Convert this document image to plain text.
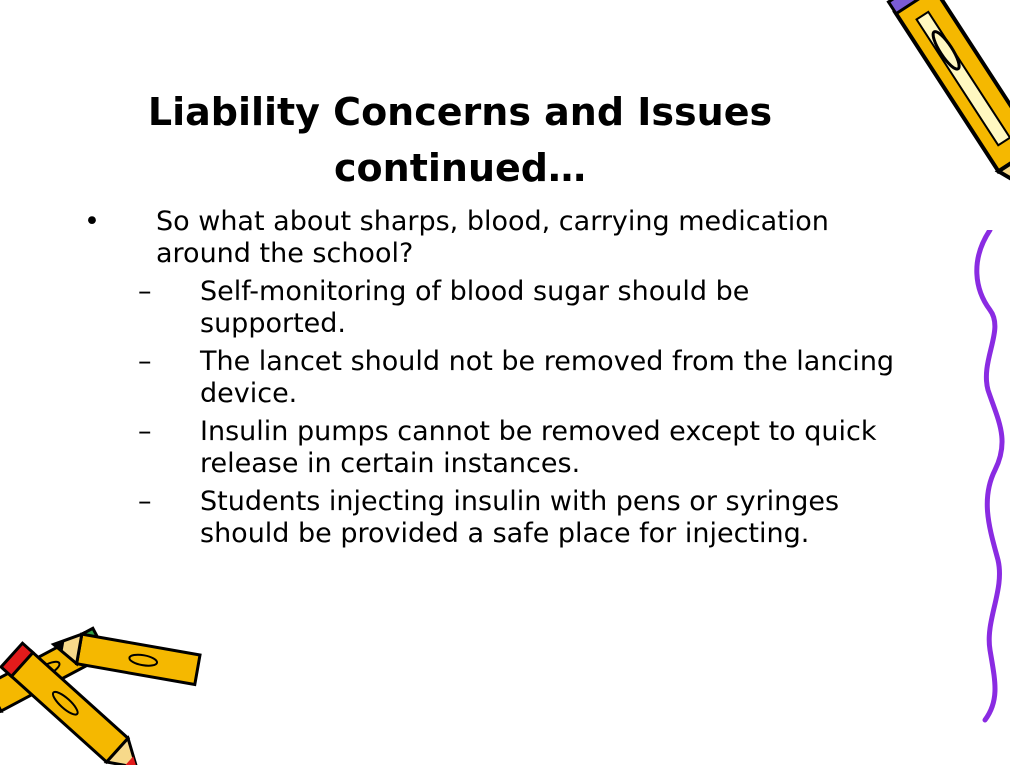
Liability Concerns and Issues
continued…
• So what about sharps, blood, carrying medication around the school?
– Self-monitoring of blood sugar should be supported.
– The lancet should not be removed from the lancing device.
– Insulin pumps cannot be removed except to quick release in certain instances.
– Students injecting insulin with pens or syringes should be provided a safe place for injecting.
